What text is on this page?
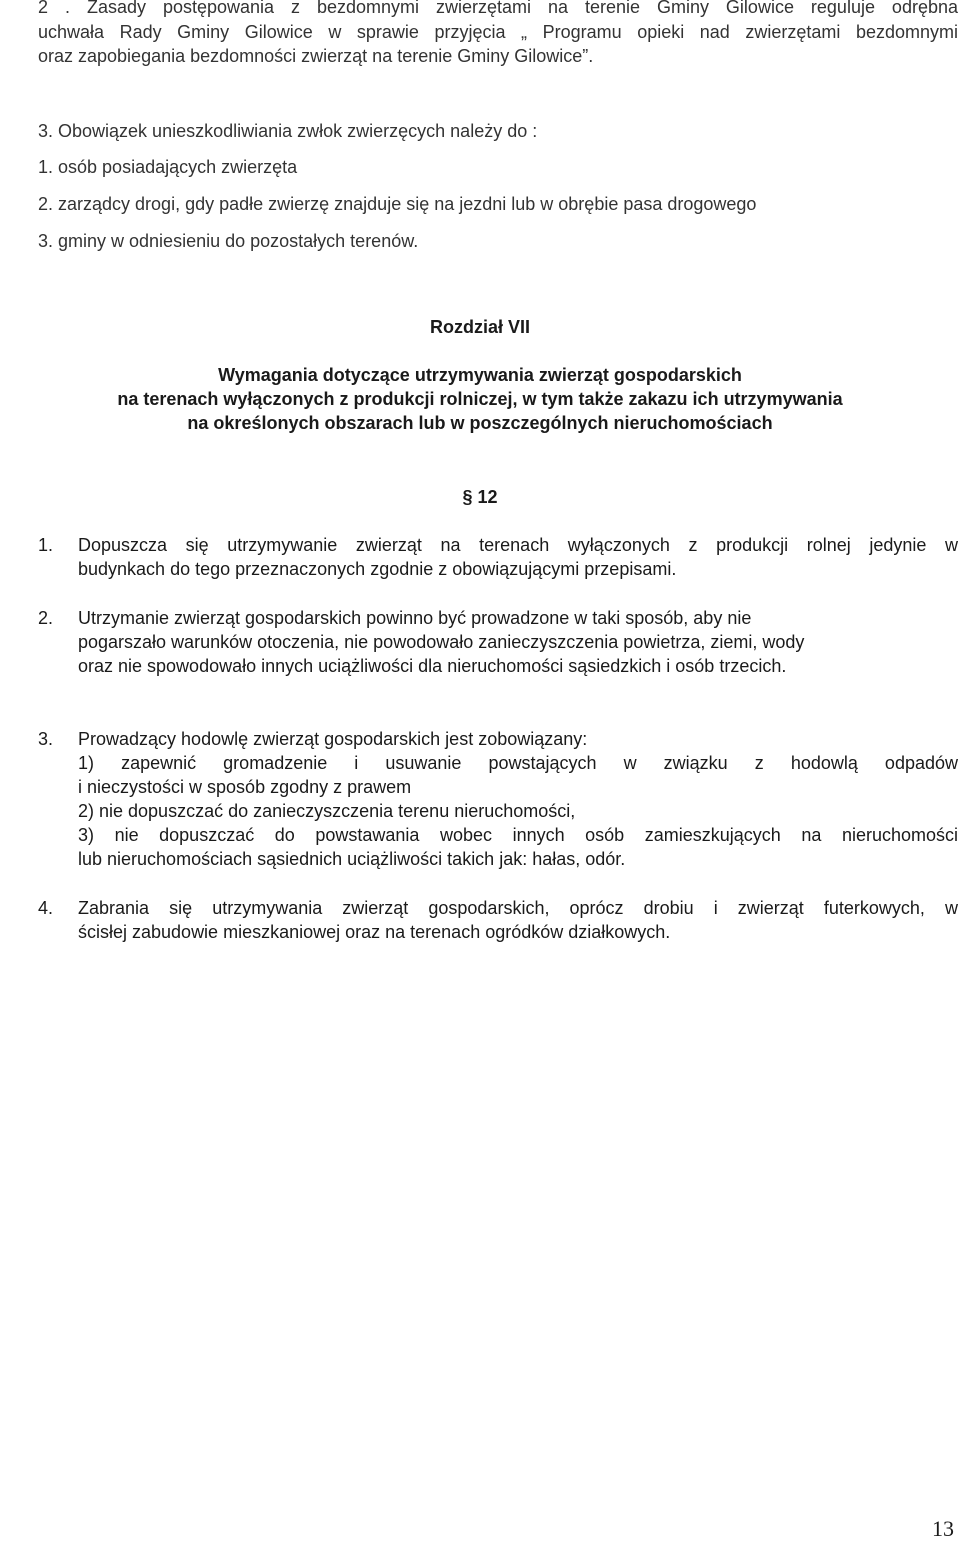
2 . Zasady postępowania z bezdomnymi zwierzętami na terenie Gminy Gilowice reguluje odrębna
uchwała Rady Gminy Gilowice w sprawie przyjęcia „ Programu opieki nad zwierzętami bezdomnymi
oraz zapobiegania bezdomności zwierząt na terenie Gminy Gilowice”.
3. Obowiązek unieszkodliwiania zwłok zwierzęcych należy do :
1. osób posiadających zwierzęta
2. zarządcy drogi, gdy padłe zwierzę znajduje się na jezdni lub w obrębie pasa drogowego
3. gminy w odniesieniu do pozostałych terenów.
Rozdział VII
Wymagania dotyczące utrzymywania zwierząt gospodarskich
na terenach wyłączonych z produkcji rolniczej, w tym także zakazu ich utrzymywania
na określonych obszarach lub w poszczególnych nieruchomościach
§ 12
1. Dopuszcza się utrzymywanie zwierząt na terenach wyłączonych z produkcji rolnej jedynie w
budynkach do tego przeznaczonych zgodnie z obowiązującymi przepisami.
2. Utrzymanie zwierząt gospodarskich powinno być prowadzone w taki sposób, aby nie
pogarszało warunków otoczenia, nie powodowało zanieczyszczenia powietrza, ziemi, wody
oraz nie spowodowało innych uciążliwości dla nieruchomości sąsiedzkich i osób trzecich.
3. Prowadzący hodowlę zwierząt gospodarskich jest zobowiązany:
1) zapewnić gromadzenie i usuwanie powstających w związku z hodowlą odpadów
i nieczystości w sposób zgodny z prawem
2) nie dopuszczać do zanieczyszczenia terenu nieruchomości,
3) nie dopuszczać do powstawania wobec innych osób zamieszkujących na nieruchomości
lub nieruchomościach sąsiednich uciążliwości takich jak: hałas, odór.
4. Zabrania się utrzymywania zwierząt gospodarskich, oprócz drobiu i zwierząt futerkowych, w
ścisłej zabudowie mieszkaniowej oraz na terenach ogródków działkowych.
13
